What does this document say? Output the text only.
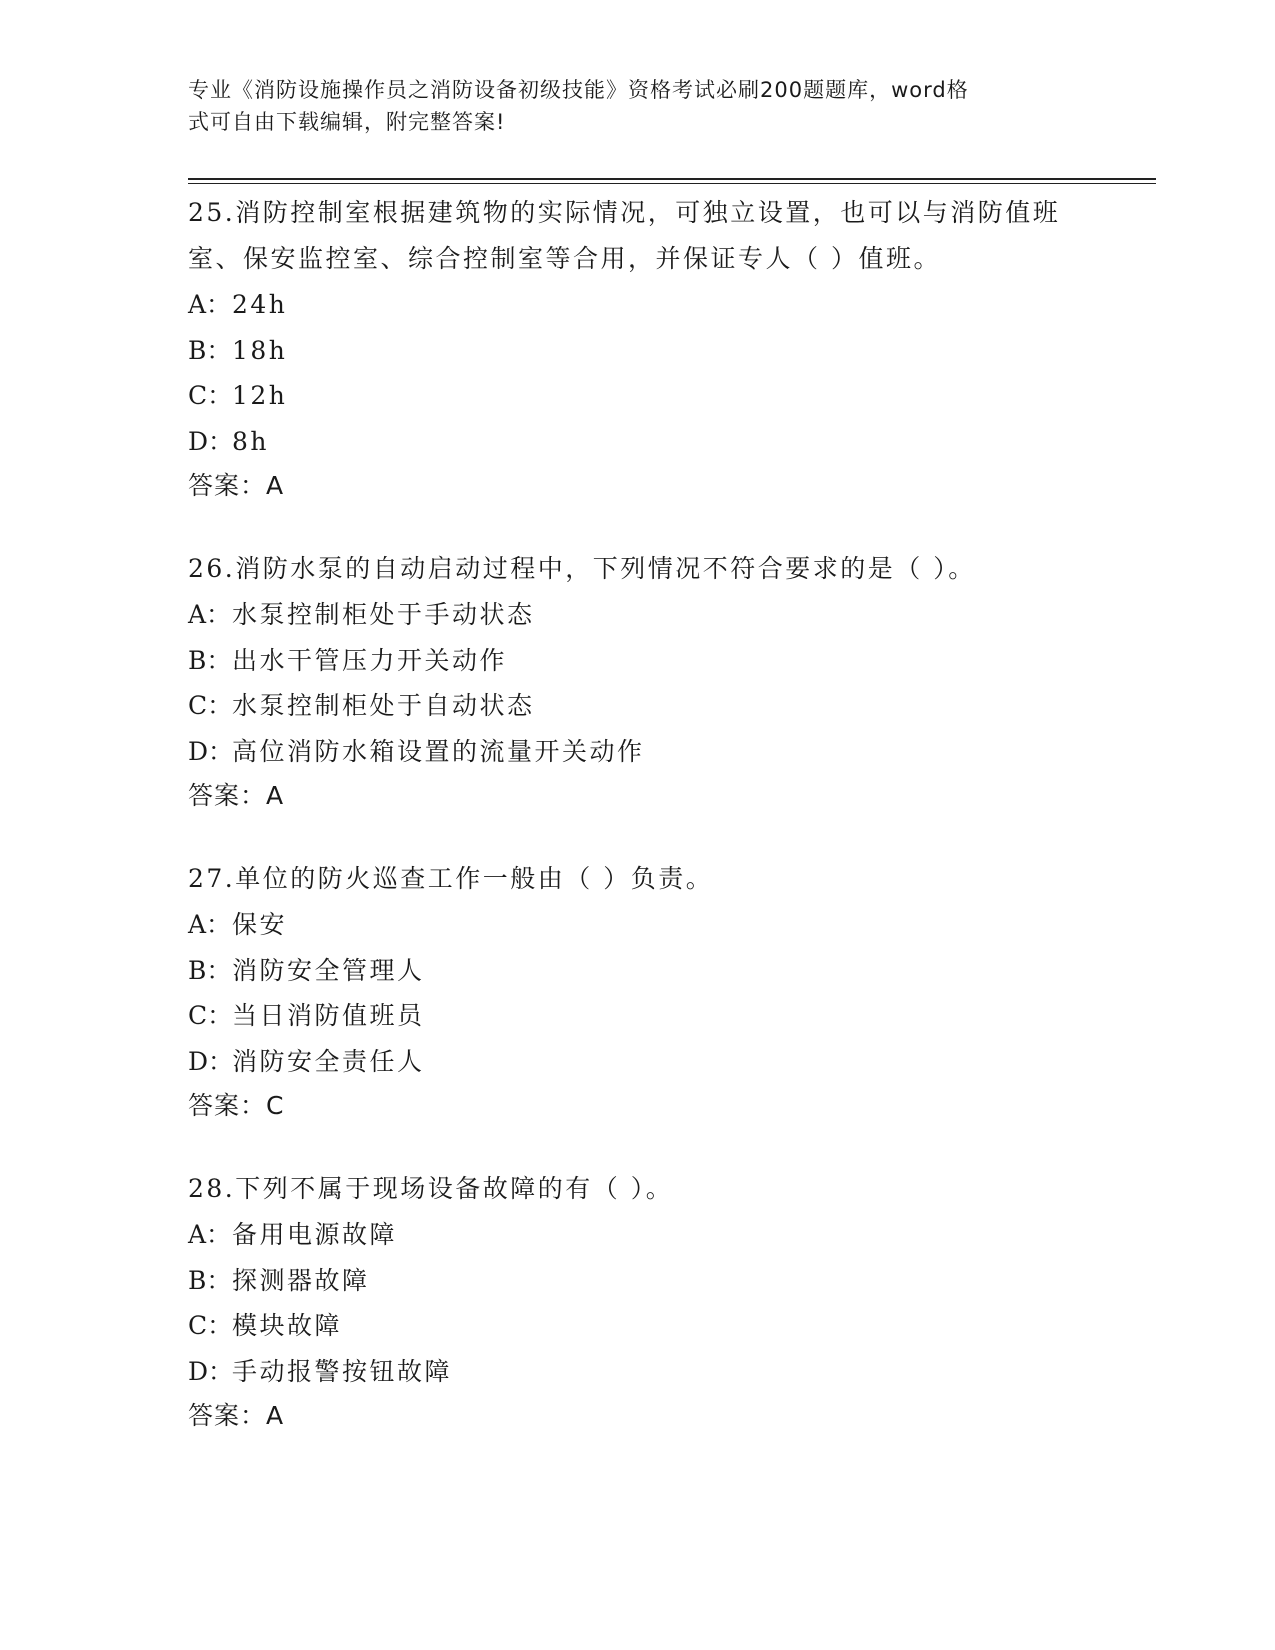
专业《消防设施操作员之消防设备初级技能》资格考试必刷200题题库，word格
式可自由下载编辑，附完整答案!
25.消防控制室根据建筑物的实际情况，可独立设置，也可以与消防值班室、保安监控室、综合控制室等合用，并保证专人（ ）值班。
A： 24h
B： 18h
C： 12h
D：
8h
答案：A
26.消防水泵的自动启动过程中，下列情况不符合要求的是（ ）。
A： 水泵控制柜处于手动状态
B： 出水干管压力开关动作
C： 水泵控制柜处于自动状态
D：
高位消防水箱设置的流量开关动作
答案：A
27.单位的防火巡查工作一般由（ ）负责。
A： 保安
B： 消防安全管理人
C： 当日消防值班员
D：
消防安全责任人
答案：C
28.下列不属于现场设备故障的有（ ）。
A： 备用电源故障
B： 探测器故障
C： 模块故障
D：
手动报警按钮故障
答案：A
